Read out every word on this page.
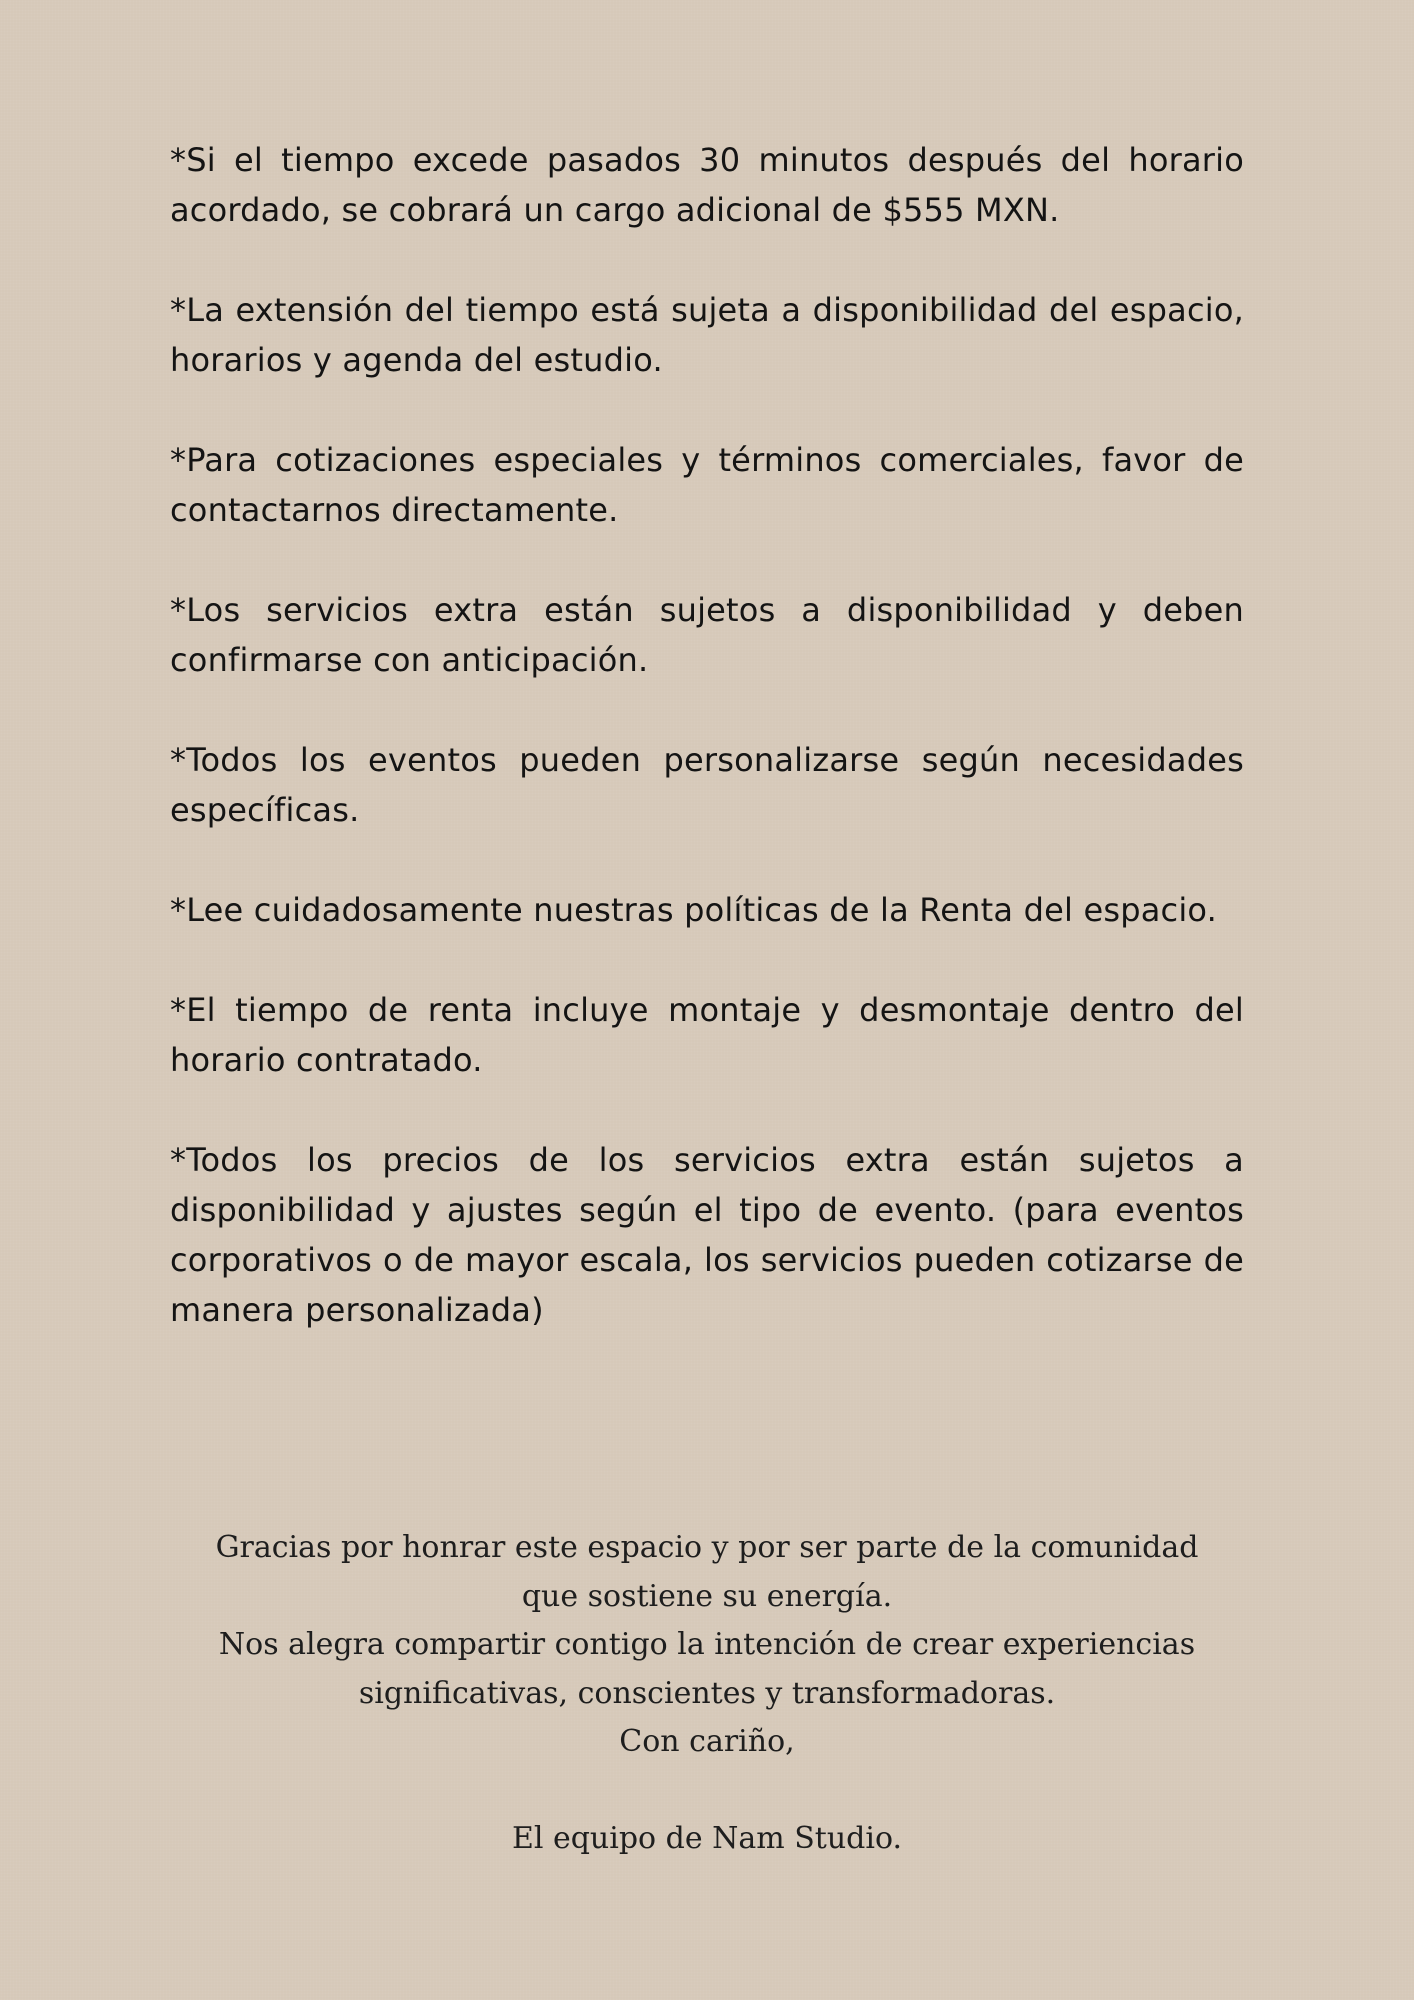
*Si el tiempo excede pasados 30 minutos después del horario acordado, se cobrará un cargo adicional de $555 MXN.

*La extensión del tiempo está sujeta a disponibilidad del espacio, horarios y agenda del estudio.

*Para cotizaciones especiales y términos comerciales, favor de contactarnos directamente.

*Los servicios extra están sujetos a disponibilidad y deben confirmarse con anticipación.

*Todos los eventos pueden personalizarse según necesidades específicas.

*Lee cuidadosamente nuestras políticas de la Renta del espacio.

*El tiempo de renta incluye montaje y desmontaje dentro del horario contratado.

*Todos los precios de los servicios extra están sujetos a disponibilidad y ajustes según el tipo de evento. (para eventos corporativos o de mayor escala, los servicios pueden cotizarse de manera personalizada)

Gracias por honrar este espacio y por ser parte de la comunidad
que sostiene su energía.
Nos alegra compartir contigo la intención de crear experiencias
significativas, conscientes y transformadoras.
Con cariño,
El equipo de Nam Studio.
